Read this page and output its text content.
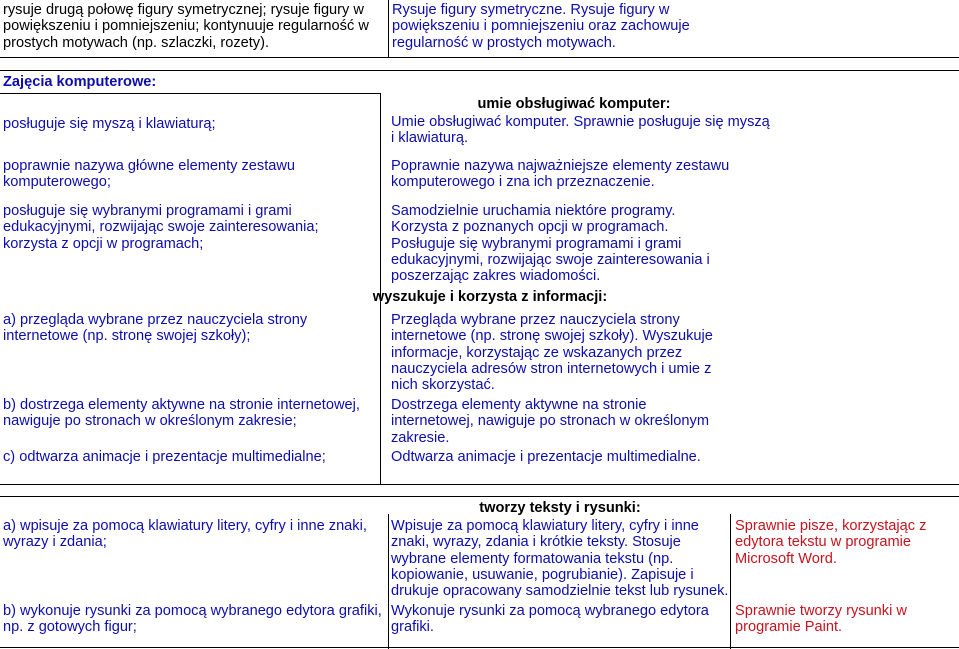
rysuje drugą połowę figury symetrycznej; rysuje figury w powiększeniu i pomniejszeniu; kontynuuje regularność w prostych motywach (np. szlaczki, rozety).

Rysuje figury symetryczne. Rysuje figury w powiększeniu i pomniejszeniu oraz zachowuje regularność w prostych motywach.

Zajęcia komputerowe:

umie obsługiwać komputer:

posługuje się myszą i klawiaturą;	Umie obsługiwać komputer. Sprawnie posługuje się myszą i klawiaturą.

poprawnie nazywa główne elementy zestawu komputerowego;

Poprawnie nazywa najważniejsze elementy zestawu komputerowego i zna ich przeznaczenie.

posługuje się wybranymi programami i grami edukacyjnymi, rozwijając swoje zainteresowania; korzysta z opcji w programach;

Samodzielnie uruchamia niektóre programy. Korzysta z poznanych opcji w programach. Posługuje się wybranymi programami i grami edukacyjnymi, rozwijając swoje zainteresowania i poszerzając zakres wiadomości.

wyszukuje i korzysta z informacji:

a) przegląda wybrane przez nauczyciela strony internetowe (np. stronę swojej szkoły);

Przegląda wybrane przez nauczyciela strony internetowe (np. stronę swojej szkoły). Wyszukuje informacje, korzystając ze wskazanych przez nauczyciela adresów stron internetowych i umie z nich skorzystać.

b) dostrzega elementy aktywne na stronie internetowej, nawiguje po stronach w określonym zakresie;

Dostrzega elementy aktywne na stronie internetowej, nawiguje po stronach w określonym zakresie.

c) odtwarza animacje i prezentacje multimedialne;	Odtwarza animacje i prezentacje multimedialne.

tworzy teksty i rysunki:

a) wpisuje za pomocą klawiatury litery, cyfry i inne znaki, wyrazy i zdania;

Wpisuje za pomocą klawiatury litery, cyfry i inne znaki, wyrazy, zdania i krótkie teksty. Stosuje wybrane elementy formatowania tekstu (np. kopiowanie, usuwanie, pogrubianie). Zapisuje i drukuje opracowany samodzielnie tekst lub rysunek.

Sprawnie pisze, korzystając z edytora tekstu w programie Microsoft Word.

b) wykonuje rysunki za pomocą wybranego edytora grafiki, np. z gotowych figur;

Wykonuje rysunki za pomocą wybranego edytora grafiki.

Sprawnie tworzy rysunki w programie Paint.
